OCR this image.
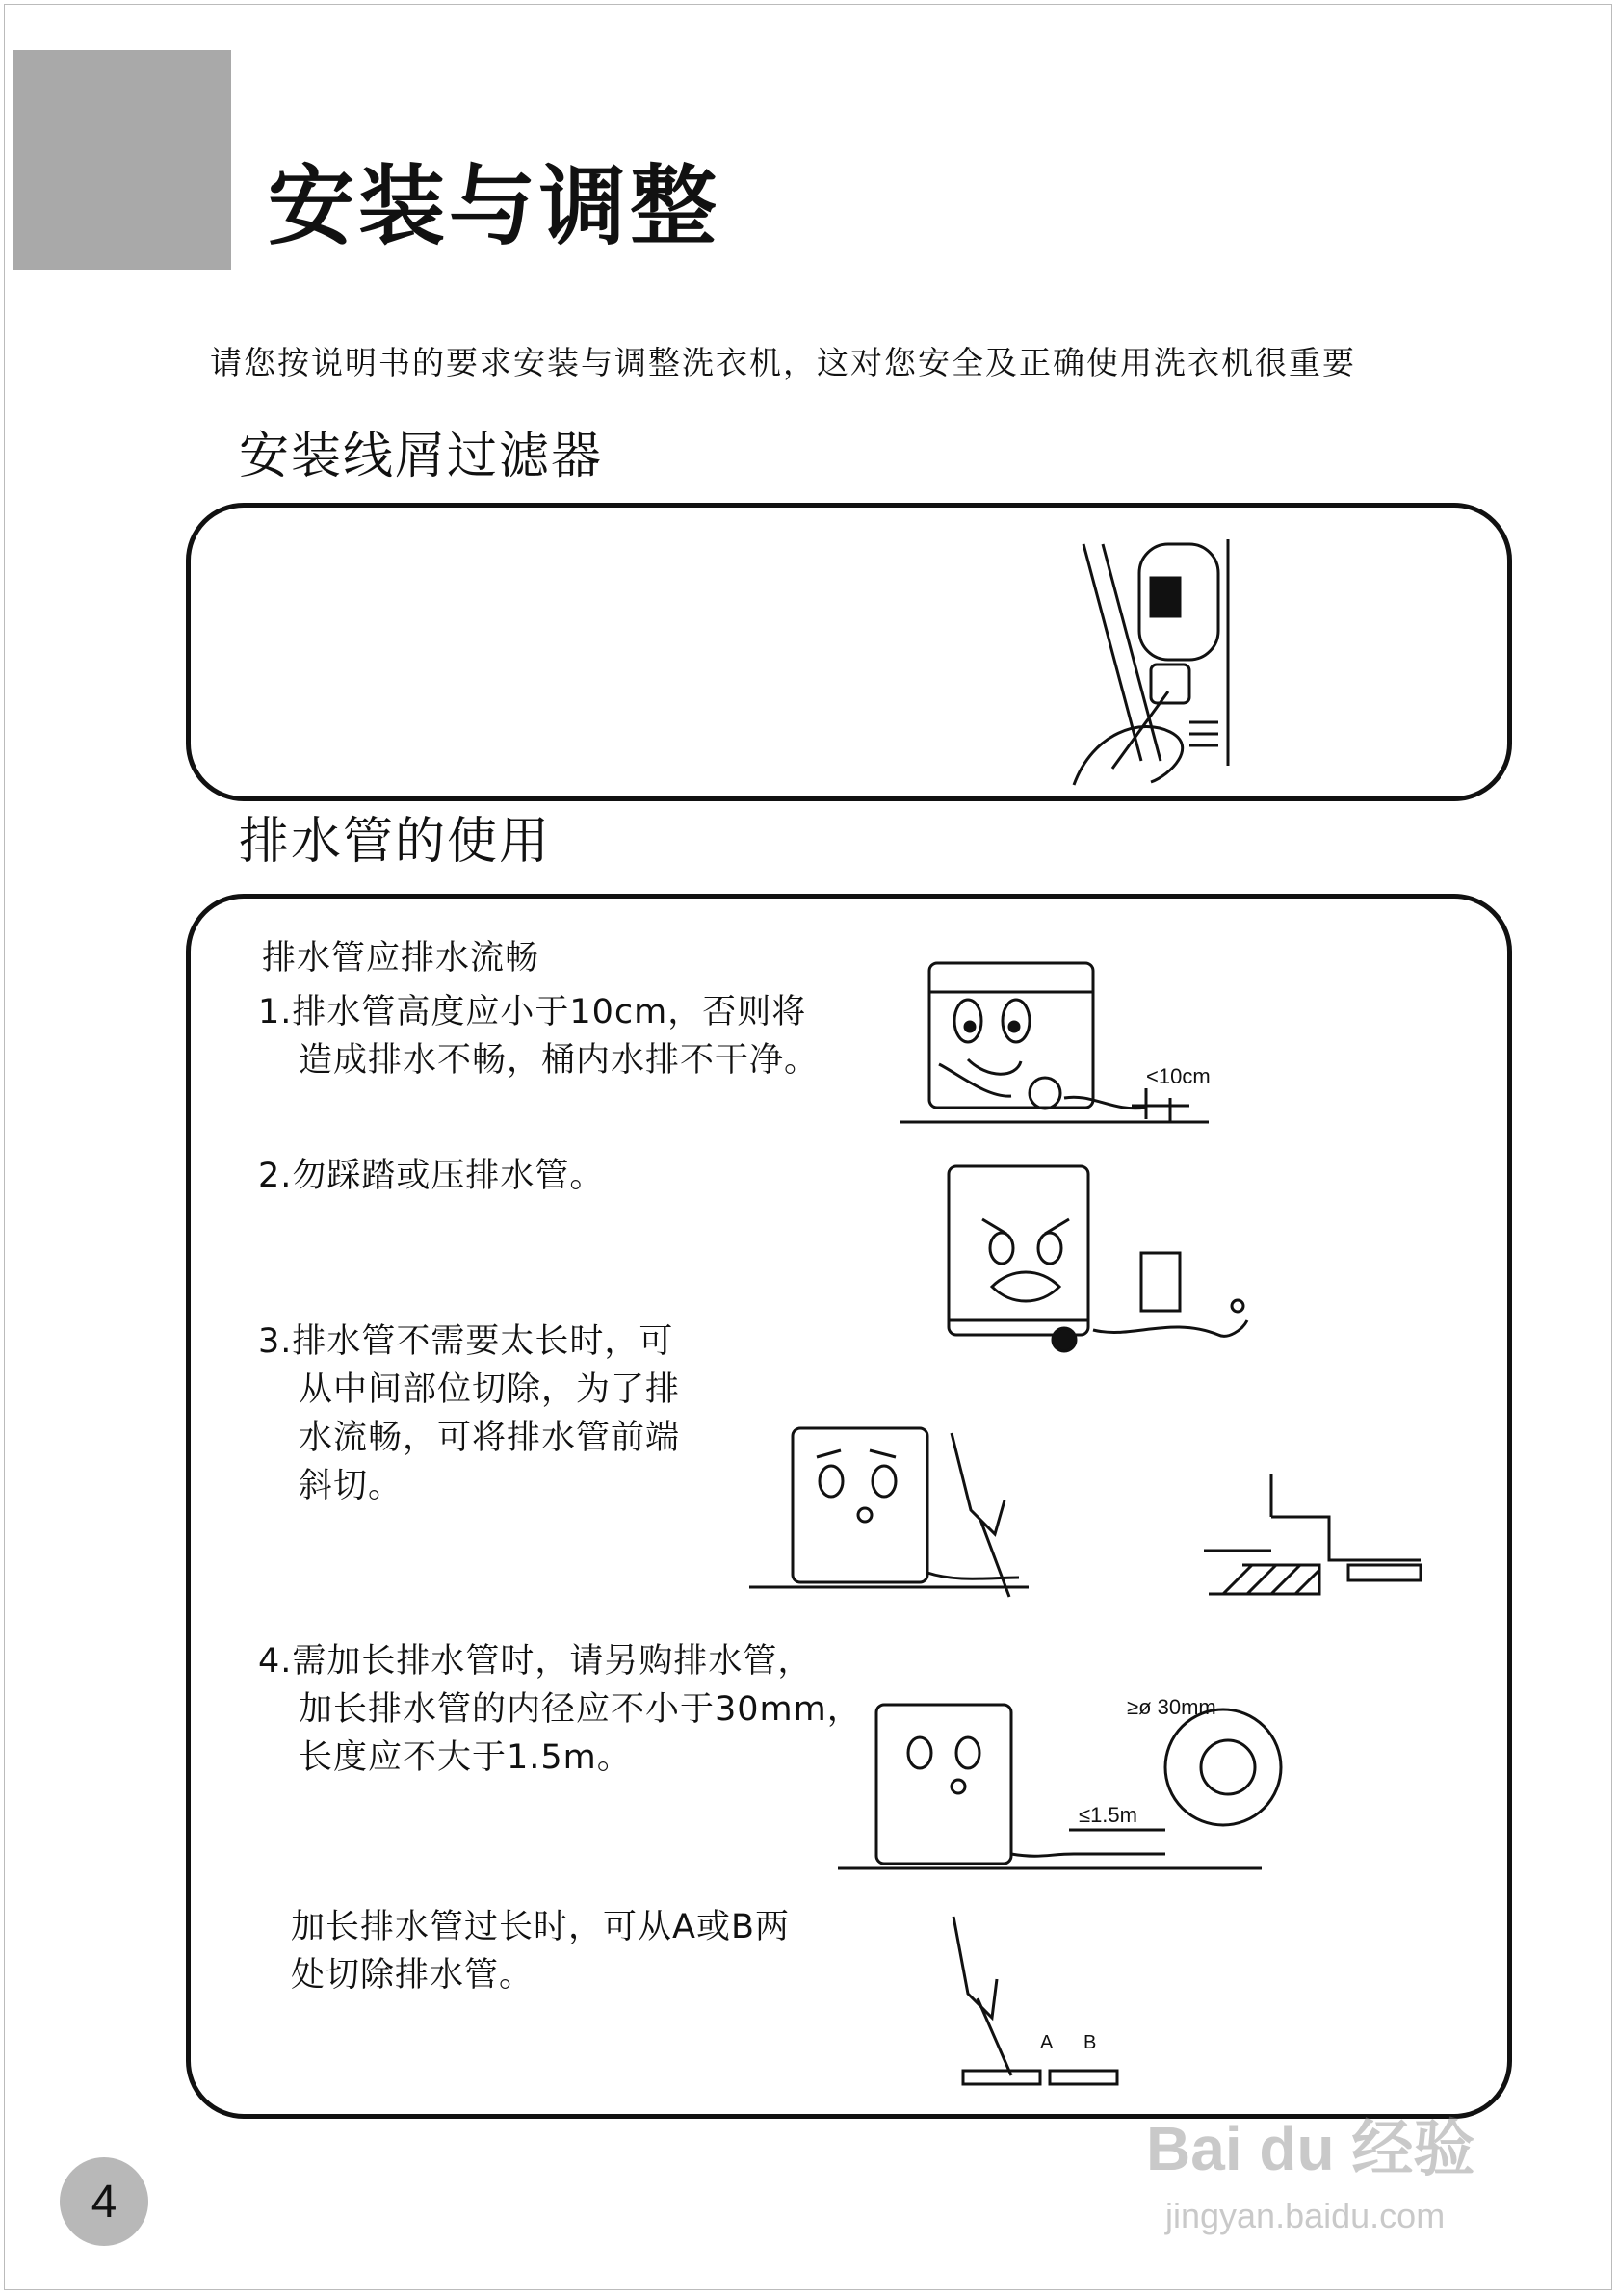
安装与调整
请您按说明书的要求安装与调整洗衣机，这对您安全及正确使用洗衣机很重要
安装线屑过滤器
排水管的使用
排水管应排水流畅
1.排水管高度应小于10cm，否则将
造成排水不畅，桶内水排不干净。
2.勿踩踏或压排水管。
3.排水管不需要太长时，可
从中间部位切除，为了排
水流畅，可将排水管前端
斜切。
4.需加长排水管时，请另购排水管，
加长排水管的内径应不小于30mm，
长度应不大于1.5m。
加长排水管过长时，可从A或B两
处切除排水管。
<10cm
≥ø 30mm
≤1.5m
A B
4
Bai du 经验
jingyan.baidu.com
